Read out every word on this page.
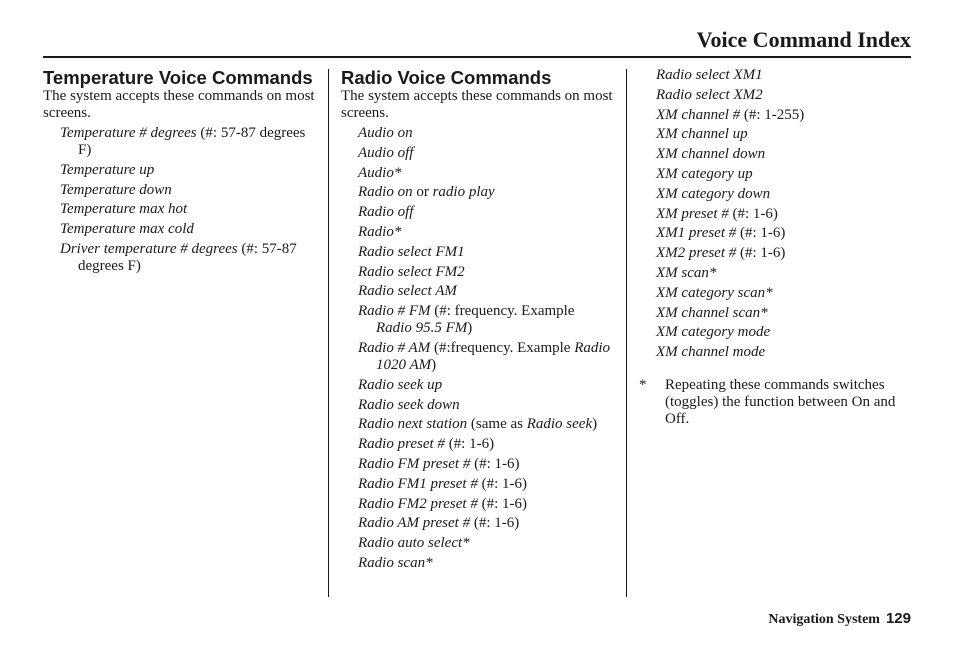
Voice Command Index
Temperature Voice Commands

The system accepts these commands on most screens.

Temperature # degrees (#: 57-87 degrees F)
Temperature up
Temperature down
Temperature max hot
Temperature max cold
Driver temperature # degrees (#: 57-87 degrees F)
Radio Voice Commands

The system accepts these commands on most screens.

Audio on
Audio off
Audio*
Radio on or radio play
Radio off
Radio*
Radio select FM1
Radio select FM2
Radio select AM
Radio # FM (#: frequency. Example Radio 95.5 FM)
Radio # AM (#:frequency. Example Radio 1020 AM)
Radio seek up
Radio seek down
Radio next station (same as Radio seek)
Radio preset # (#: 1-6)
Radio FM preset # (#: 1-6)
Radio FM1 preset # (#: 1-6)
Radio FM2 preset # (#: 1-6)
Radio AM preset # (#: 1-6)
Radio auto select*
Radio scan*
Radio select XM1
Radio select XM2
XM channel # (#: 1-255)
XM channel up
XM channel down
XM category up
XM category down
XM preset # (#: 1-6)
XM1 preset # (#: 1-6)
XM2 preset # (#: 1-6)
XM scan*
XM category scan*
XM channel scan*
XM category mode
XM channel mode
* Repeating these commands switches (toggles) the function between On and Off.
Navigation System 129
